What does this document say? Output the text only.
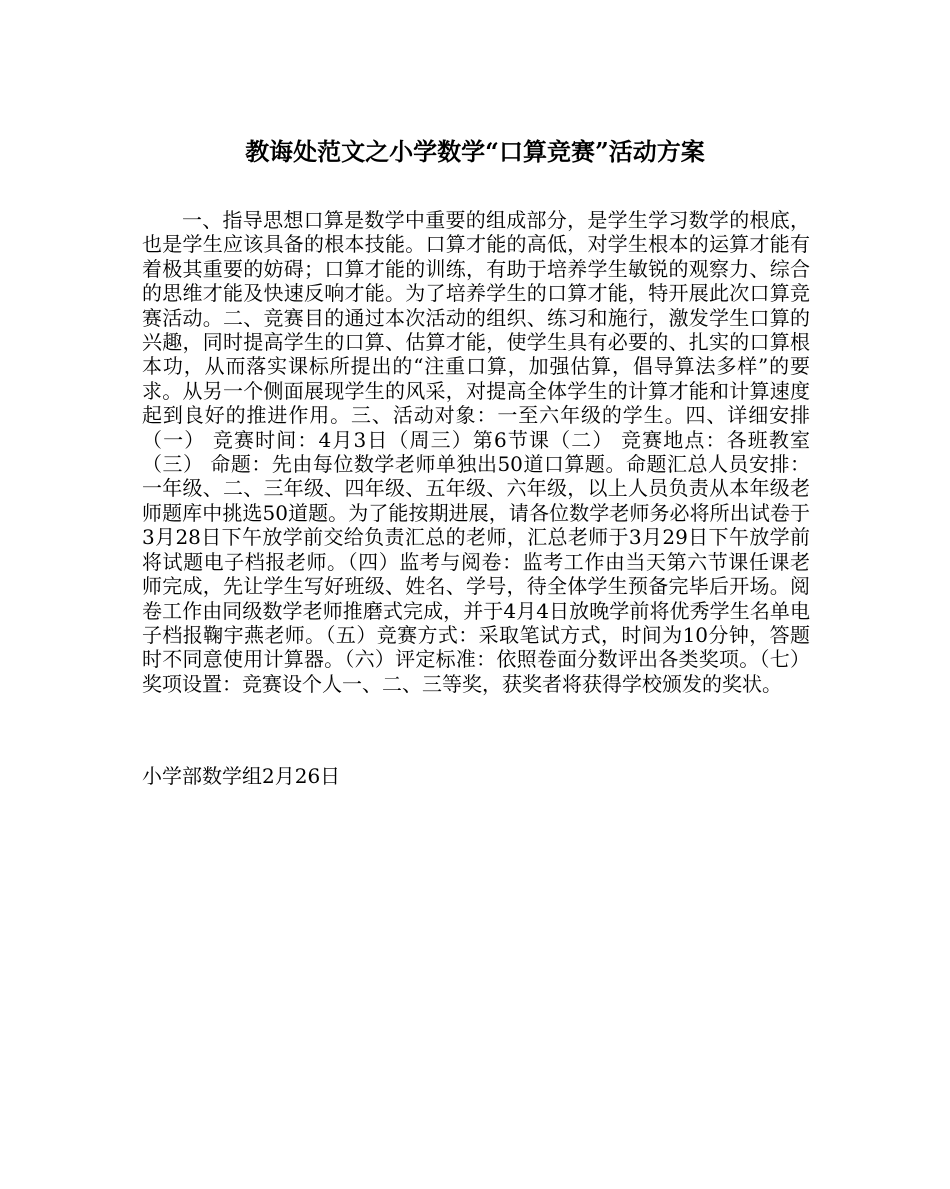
教诲处范文之小学数学“口算竞赛”活动方案

一、指导思想口算是数学中重要的组成部分，是学生学习数学的根底，也是学生应该具备的根本技能。口算才能的高低，对学生根本的运算才能有着极其重要的妨碍；口算才能的训练，有助于培养学生敏锐的观察力、综合的思维才能及快速反响才能。为了培养学生的口算才能，特开展此次口算竞赛活动。二、竞赛目的通过本次活动的组织、练习和施行，激发学生口算的兴趣，同时提高学生的口算、估算才能，使学生具有必要的、扎实的口算根本功，从而落实课标所提出的“注重口算，加强估算，倡导算法多样”的要求。从另一个侧面展现学生的风采，对提高全体学生的计算才能和计算速度起到良好的推进作用。三、活动对象：一至六年级的学生。四、详细安排（一） 竞赛时间：4月3日（周三）第6节课（二） 竞赛地点：各班教室（三） 命题：先由每位数学老师单独出50道口算题。命题汇总人员安排：一年级、二、三年级、四年级、五年级、六年级，以上人员负责从本年级老师题库中挑选50道题。为了能按期进展，请各位数学老师务必将所出试卷于3月28日下午放学前交给负责汇总的老师，汇总老师于3月29日下午放学前将试题电子档报老师。（四）监考与阅卷：监考工作由当天第六节课任课老师完成，先让学生写好班级、姓名、学号，待全体学生预备完毕后开场。阅卷工作由同级数学老师推磨式完成，并于4月4日放晚学前将优秀学生名单电子档报鞠宇燕老师。（五）竞赛方式：采取笔试方式，时间为10分钟，答题时不同意使用计算器。（六）评定标准：依照卷面分数评出各类奖项。（七）奖项设置：竞赛设个人一、二、三等奖，获奖者将获得学校颁发的奖状。

小学部数学组2月26日
